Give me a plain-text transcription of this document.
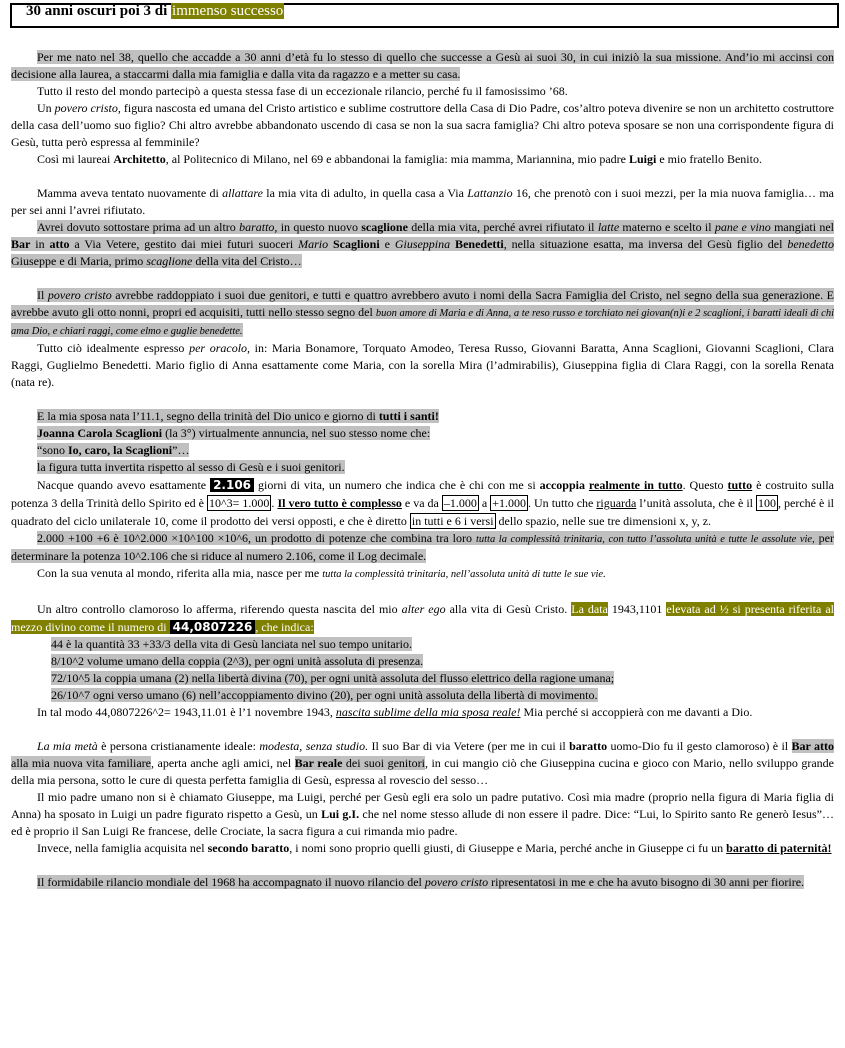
30 anni oscuri poi 3 di immenso successo

Per me nato nel 38, quello che accadde a 30 anni d’età fu lo stesso di quello che successe a Gesù ai suoi 30, in cui iniziò la sua missione. And’io mi accinsi con decisione alla laurea, a staccarmi dalla mia famiglia e dalla vita da ragazzo e a metter su casa.

Tutto il resto del mondo partecipò a questa stessa fase di un eccezionale rilancio, perché fu il famosissimo ’68.

Un povero cristo, figura nascosta ed umana del Cristo artistico e sublime costruttore della Casa di Dio Padre, cos’altro poteva divenire se non un architetto costruttore della casa dell’uomo suo figlio? Chi altro avrebbe abbandonato uscendo di casa se non la sua sacra famiglia? Chi altro poteva sposare se non una corrispondente figura di Gesù, tutta però espressa al femminile?

Così mi laureai Architetto, al Politecnico di Milano, nel 69 e abbandonai la famiglia: mia mamma, Mariannina, mio padre Luigi e mio fratello Benito.

Mamma aveva tentato nuovamente di allattare la mia vita di adulto, in quella casa a Via Lattanzio 16, che prenotò con i suoi mezzi, per la mia nuova famiglia… ma per sei anni l’avrei rifiutato.

Avrei dovuto sottostare prima ad un altro baratto, in questo nuovo scaglione della mia vita, perché avrei rifiutato il latte materno e scelto il pane e vino mangiati nel Bar in atto a Via Vetere, gestito dai miei futuri suoceri Mario Scaglioni e Giuseppina Benedetti, nella situazione esatta, ma inversa del Gesù figlio del benedetto Giuseppe e di Maria, primo scaglione della vita del Cristo…

Il povero cristo avrebbe raddoppiato i suoi due genitori, e tutti e quattro avrebbero avuto i nomi della Sacra Famiglia del Cristo, nel segno della sua generazione. E avrebbe avuto gli otto nonni, propri ed acquisiti, tutti nello stesso segno del buon amore di Maria e di Anna, a te reso russo e torchiato nei giovan(n)i e 2 scaglioni, i baratti ideali di chi ama Dio, e chiari raggi, come elmo e guglie benedette.

Tutto ciò idealmente espresso per oracolo, in: Maria Bonamore, Torquato Amodeo, Teresa Russo, Giovanni Baratta, Anna Scaglioni, Giovanni Scaglioni, Clara Raggi, Guglielmo Benedetti. Mario figlio di Anna esattamente come Maria, con la sorella Mira (l’admirabilis), Giuseppina figlia di Clara Raggi, con la sorella Renata (nata re).

E la mia sposa nata l’11.1, segno della trinità del Dio unico e giorno di tutti i santi!

Joanna Carola Scaglioni (la 3°) virtualmente annuncia, nel suo stesso nome che:

“sono Io, caro, la Scaglioni”…

la figura tutta invertita rispetto al sesso di Gesù e i suoi genitori.

Nacque quando avevo esattamente 2.106 giorni di vita, un numero che indica che è chi con me si accoppia realmente in tutto. Questo tutto è costruito sulla potenza 3 della Trinità dello Spirito ed è 10^3= 1.000 . Il vero tutto è complesso e va da –1.000 a +1.000 . Un tutto che riguarda l’unità assoluta, che è il 100 , perché è il quadrato del ciclo unilaterale 10, come il prodotto dei versi opposti, e che è diretto in tutti e 6 i versi dello spazio, nelle sue tre dimensioni x, y, z.

2.000 +100 +6 è 10^2.000 ×10^100 ×10^6, un prodotto di potenze che combina tra loro tutta la complessità trinitaria, con tutto l’assoluta unità e tutte le assolute vie, per determinare la potenza 10^2.106 che si riduce al numero 2.106, come il Log decimale.

Con la sua venuta al mondo, riferita alla mia, nasce per me tutta la complessità trinitaria, nell’assoluta unità di tutte le sue vie.

Un altro controllo clamoroso lo afferma, riferendo questa nascita del mio alter ego alla vita di Gesù Cristo. La data 1943,1101 elevata ad ½ si presenta riferita al mezzo divino come il numero di 44,0807226 , che indica:

44 è la quantità 33 +33/3 della vita di Gesù lanciata nel suo tempo unitario.

8/10^2 volume umano della coppia (2^3), per ogni unità assoluta di presenza.

72/10^5 la coppia umana (2) nella libertà divina (70), per ogni unità assoluta del flusso elettrico della ragione umana;

26/10^7 ogni verso umano (6) nell’accoppiamento divino (20), per ogni unità assoluta della libertà di movimento.

In tal modo 44,0807226^2= 1943,11.01 è l’1 novembre 1943, nascita sublime della mia sposa reale! Mia perché si accoppierà con me davanti a Dio.

La mia metà è persona cristianamente ideale: modesta, senza studio. Il suo Bar di via Vetere (per me in cui il baratto uomo-Dio fu il gesto clamoroso) è il Bar atto alla mia nuova vita familiare, aperta anche agli amici, nel Bar reale dei suoi genitori, in cui mangio ciò che Giuseppina cucina e gioco con Mario, nello sviluppo grande della mia persona, sotto le cure di questa perfetta famiglia di Gesù, espressa al rovescio del sesso…

Il mio padre umano non si è chiamato Giuseppe, ma Luigi, perché per Gesù egli era solo un padre putativo. Così mia madre (proprio nella figura di Maria figlia di Anna) ha sposato in Luigi un padre figurato rispetto a Gesù, un Lui g.I. che nel nome stesso allude di non essere il padre. Dice: “Lui, lo Spirito santo Re generò Iesus”… ed è proprio il San Luigi Re francese, delle Crociate, la sacra figura a cui rimanda mio padre.

Invece, nella famiglia acquisita nel secondo baratto, i nomi sono proprio quelli giusti, di Giuseppe e Maria, perché anche in Giuseppe ci fu un baratto di paternità!

Il formidabile rilancio mondiale del 1968 ha accompagnato il nuovo rilancio del povero cristo ripresentatosi in me e che ha avuto bisogno di 30 anni per fiorire.
